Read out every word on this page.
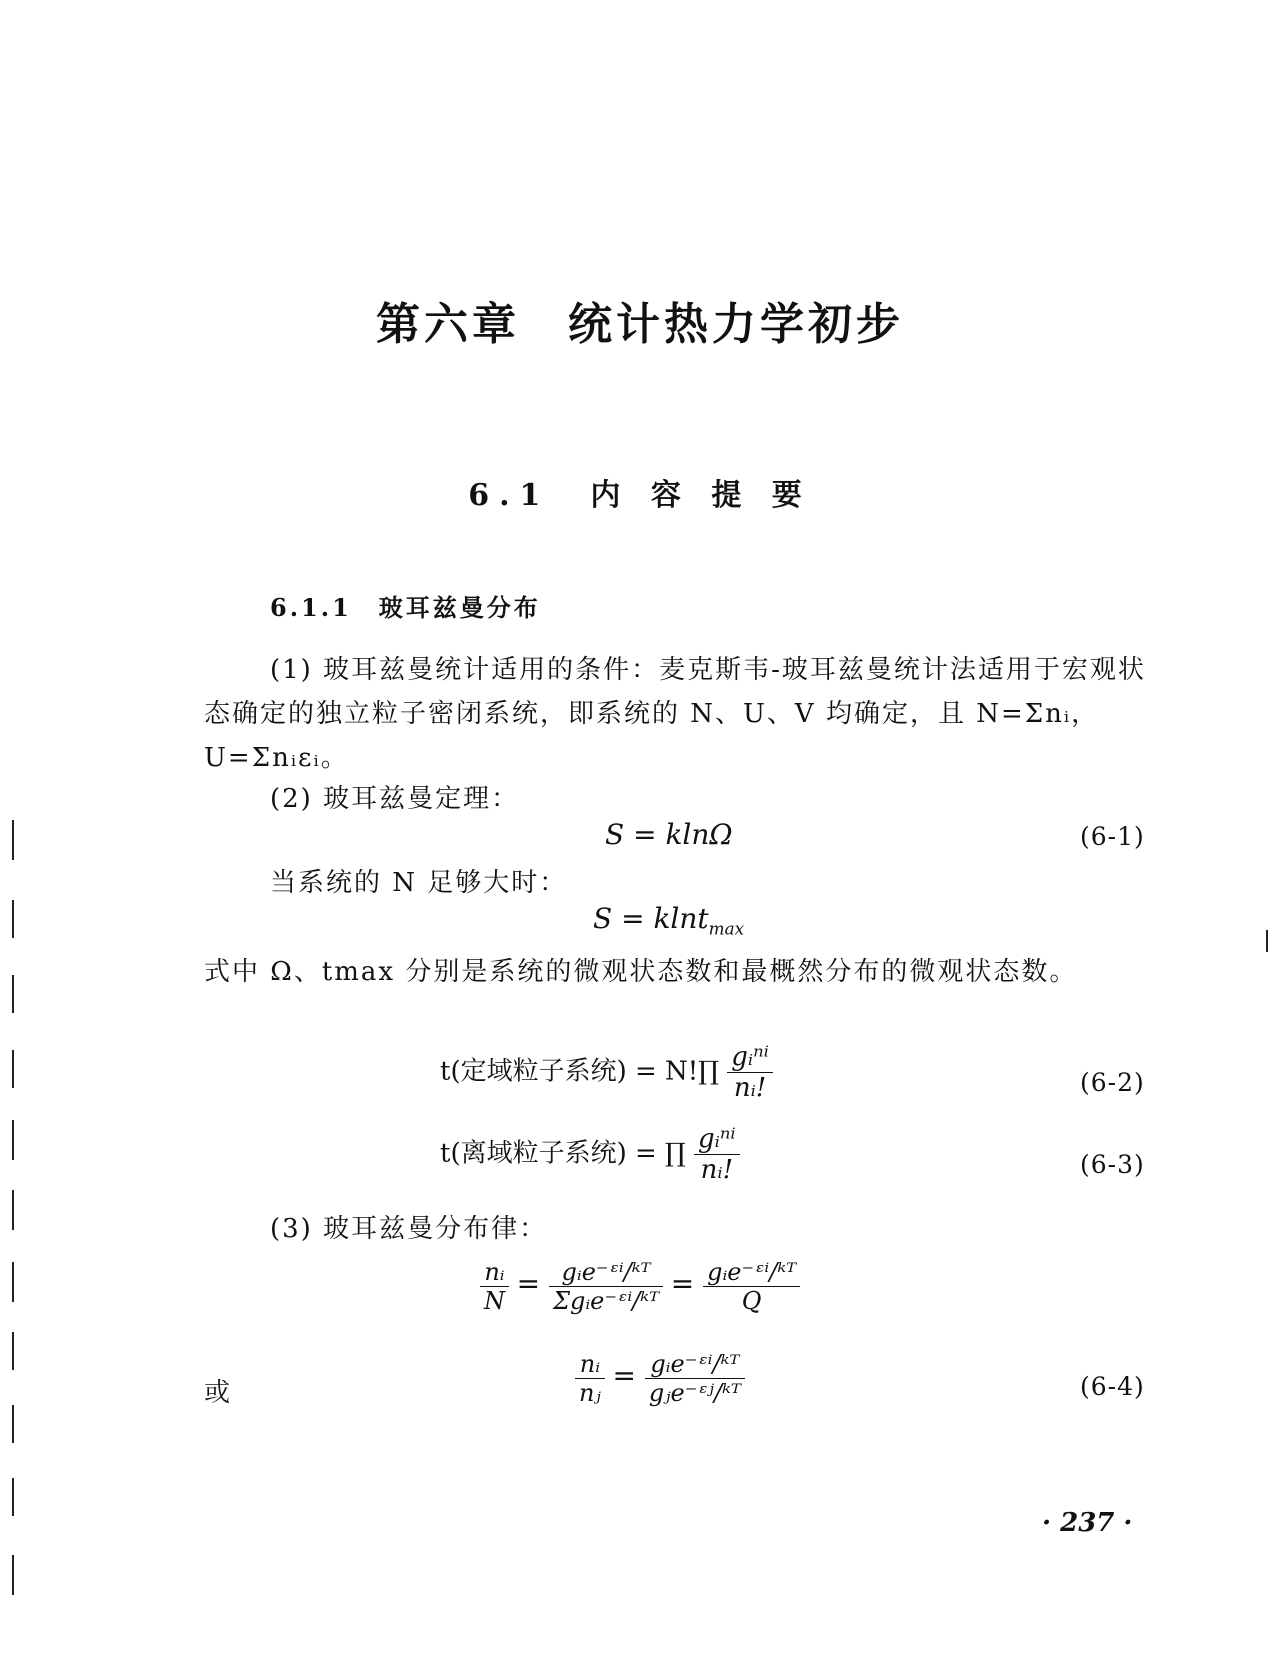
第六章　统计热力学初步
6.1　内 容 提 要
6.1.1　玻耳兹曼分布
(1) 玻耳兹曼统计适用的条件：麦克斯韦-玻耳兹曼统计法适用于宏观状态确定的独立粒子密闭系统，即系统的 N、U、V 均确定，且 N=Σnᵢ，U=Σnᵢεᵢ。
(2) 玻耳兹曼定理：
S = klnΩ	(6-1)
当系统的 N 足够大时：
S = klnt$_{max}$
式中 Ω、tmax 分别是系统的微观状态数和最概然分布的微观状态数。
t(定域粒子系统) = N!∏ $\frac{\text{gᵢⁿⁱ}}{\text{nᵢ!}}$	(6-2)
t(离域粒子系统) = ∏ $\frac{\text{gᵢⁿⁱ}}{\text{nᵢ!}}$	(6-3)
(3) 玻耳兹曼分布律：
$\frac{\text{nᵢ}}{N} = \frac{\text{gᵢe⁻ᵋⁱ/ᵏᵀ}}{\text{Σgᵢe⁻ᵋⁱ/ᵏᵀ}} = \frac{\text{gᵢe⁻ᵋⁱ/ᵏᵀ}}{Q}$
或	$\frac{\text{nᵢ}}{\text{nⱼ}} = \frac{\text{gᵢe⁻ᵋⁱ/ᵏᵀ}}{\text{gⱼe⁻ᵋʲ/ᵏᵀ}}$	(6-4)
· 237 ·
